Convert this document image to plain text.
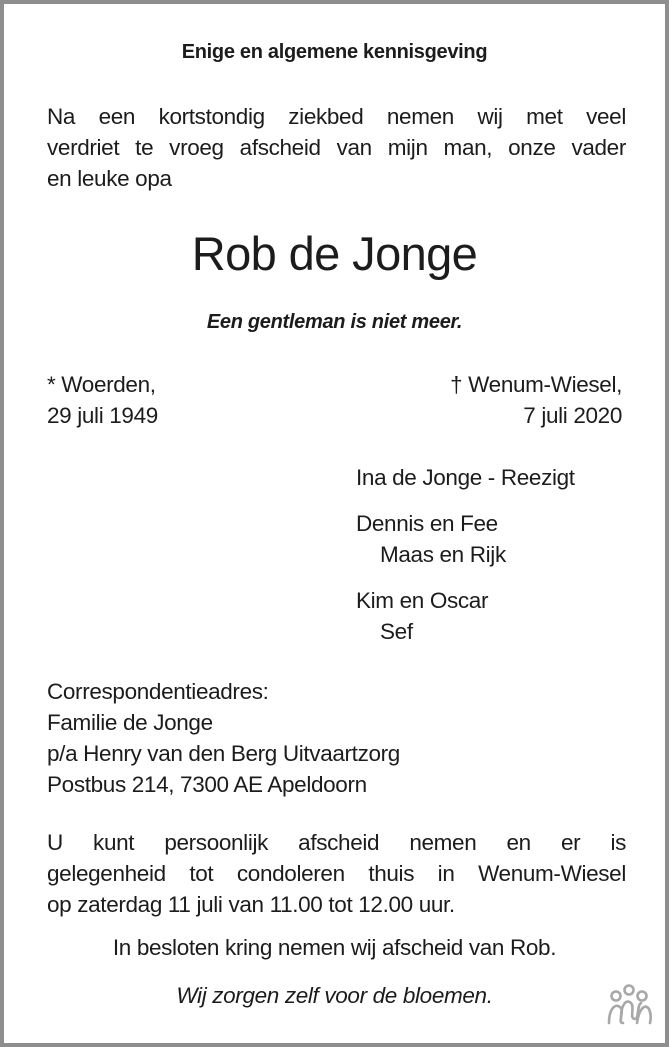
Enige en algemene kennisgeving

Na een kortstondig ziekbed nemen wij met veel
verdriet te vroeg afscheid van mijn man, onze vader
en leuke opa

Rob de Jonge

Een gentleman is niet meer.

* Woerden,
29 juli 1949
† Wenum-Wiesel,
7 juli 2020
Ina de Jonge - Reezigt
Dennis en Fee
Maas en Rijk
Kim en Oscar
Sef
Correspondentieadres:
Familie de Jonge
p/a Henry van den Berg Uitvaartzorg
Postbus 214, 7300 AE Apeldoorn
U kunt persoonlijk afscheid nemen en er is
gelegenheid tot condoleren thuis in Wenum-Wiesel
op zaterdag 11 juli van 11.00 tot 12.00 uur.

In besloten kring nemen wij afscheid van Rob.

Wij zorgen zelf voor de bloemen.
